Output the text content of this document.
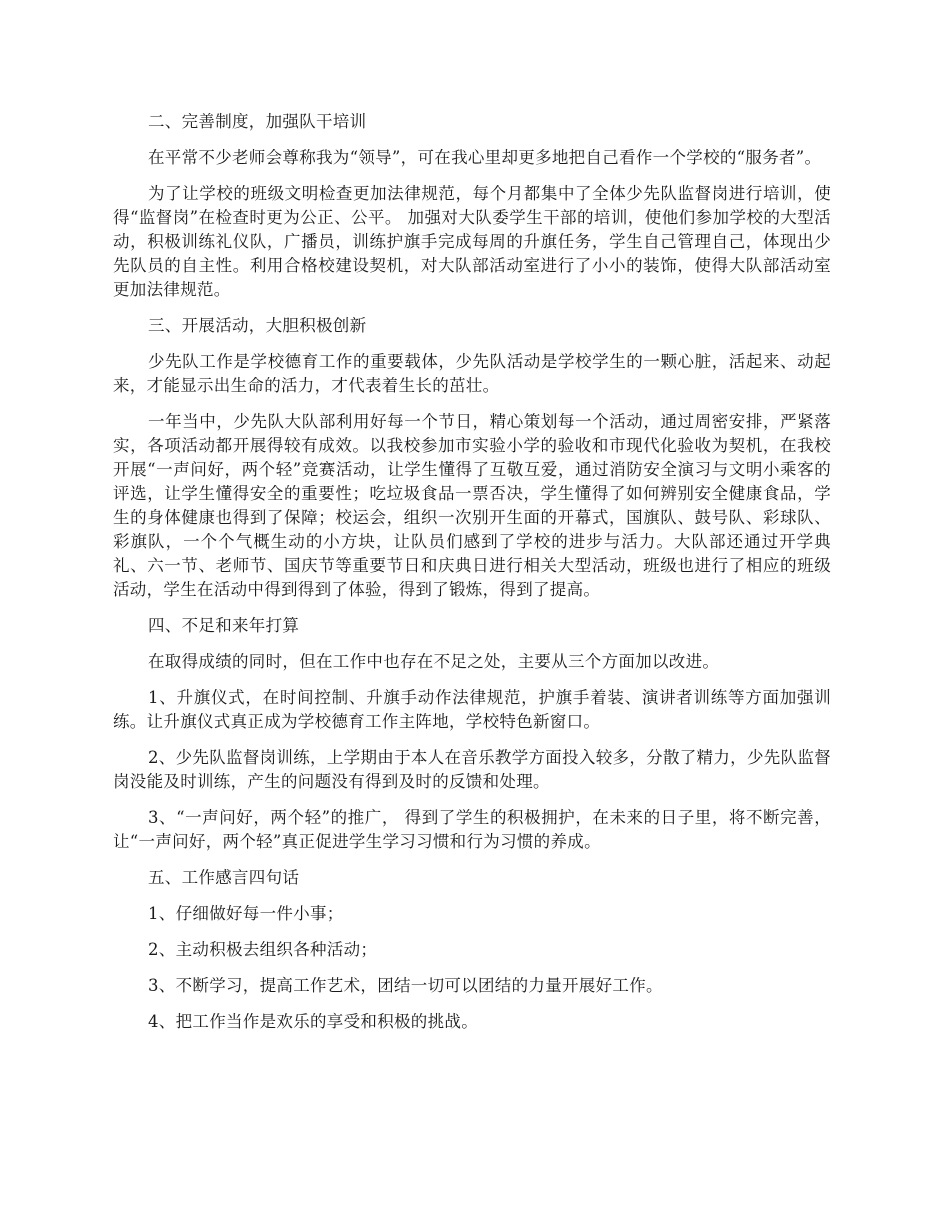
二、完善制度，加强队干培训

在平常不少老师会尊称我为“领导”，可在我心里却更多地把自己看作一个学校的“服务者”。

为了让学校的班级文明检查更加法律规范，每个月都集中了全体少先队监督岗进行培训，使得“监督岗”在检查时更为公正、公平。 加强对大队委学生干部的培训，使他们参加学校的大型活动，积极训练礼仪队，广播员，训练护旗手完成每周的升旗任务，学生自己管理自己，体现出少先队员的自主性。利用合格校建设契机，对大队部活动室进行了小小的装饰，使得大队部活动室更加法律规范。

三、开展活动，大胆积极创新

少先队工作是学校德育工作的重要载体，少先队活动是学校学生的一颗心脏，活起来、动起来，才能显示出生命的活力，才代表着生长的茁壮。

一年当中，少先队大队部利用好每一个节日，精心策划每一个活动，通过周密安排，严紧落实，各项活动都开展得较有成效。以我校参加市实验小学的验收和市现代化验收为契机，在我校开展“一声问好，两个轻”竞赛活动，让学生懂得了互敬互爱，通过消防安全演习与文明小乘客的评选，让学生懂得安全的重要性；吃垃圾食品一票否决，学生懂得了如何辨别安全健康食品，学生的身体健康也得到了保障；校运会，组织一次别开生面的开幕式，国旗队、鼓号队、彩球队、彩旗队，一个个气概生动的小方块，让队员们感到了学校的进步与活力。大队部还通过开学典礼、六一节、老师节、国庆节等重要节日和庆典日进行相关大型活动，班级也进行了相应的班级活动，学生在活动中得到得到了体验，得到了锻炼，得到了提高。

四、不足和来年打算

在取得成绩的同时，但在工作中也存在不足之处，主要从三个方面加以改进。

1、升旗仪式，在时间控制、升旗手动作法律规范，护旗手着装、演讲者训练等方面加强训练。让升旗仪式真正成为学校德育工作主阵地，学校特色新窗口。

2、少先队监督岗训练，上学期由于本人在音乐教学方面投入较多，分散了精力，少先队监督岗没能及时训练，产生的问题没有得到及时的反馈和处理。

3、“一声问好，两个轻”的推广， 得到了学生的积极拥护，在未来的日子里，将不断完善，让“一声问好，两个轻”真正促进学生学习习惯和行为习惯的养成。

五、工作感言四句话

1、仔细做好每一件小事；

2、主动积极去组织各种活动；

3、不断学习，提高工作艺术，团结一切可以团结的力量开展好工作。

4、把工作当作是欢乐的享受和积极的挑战。
